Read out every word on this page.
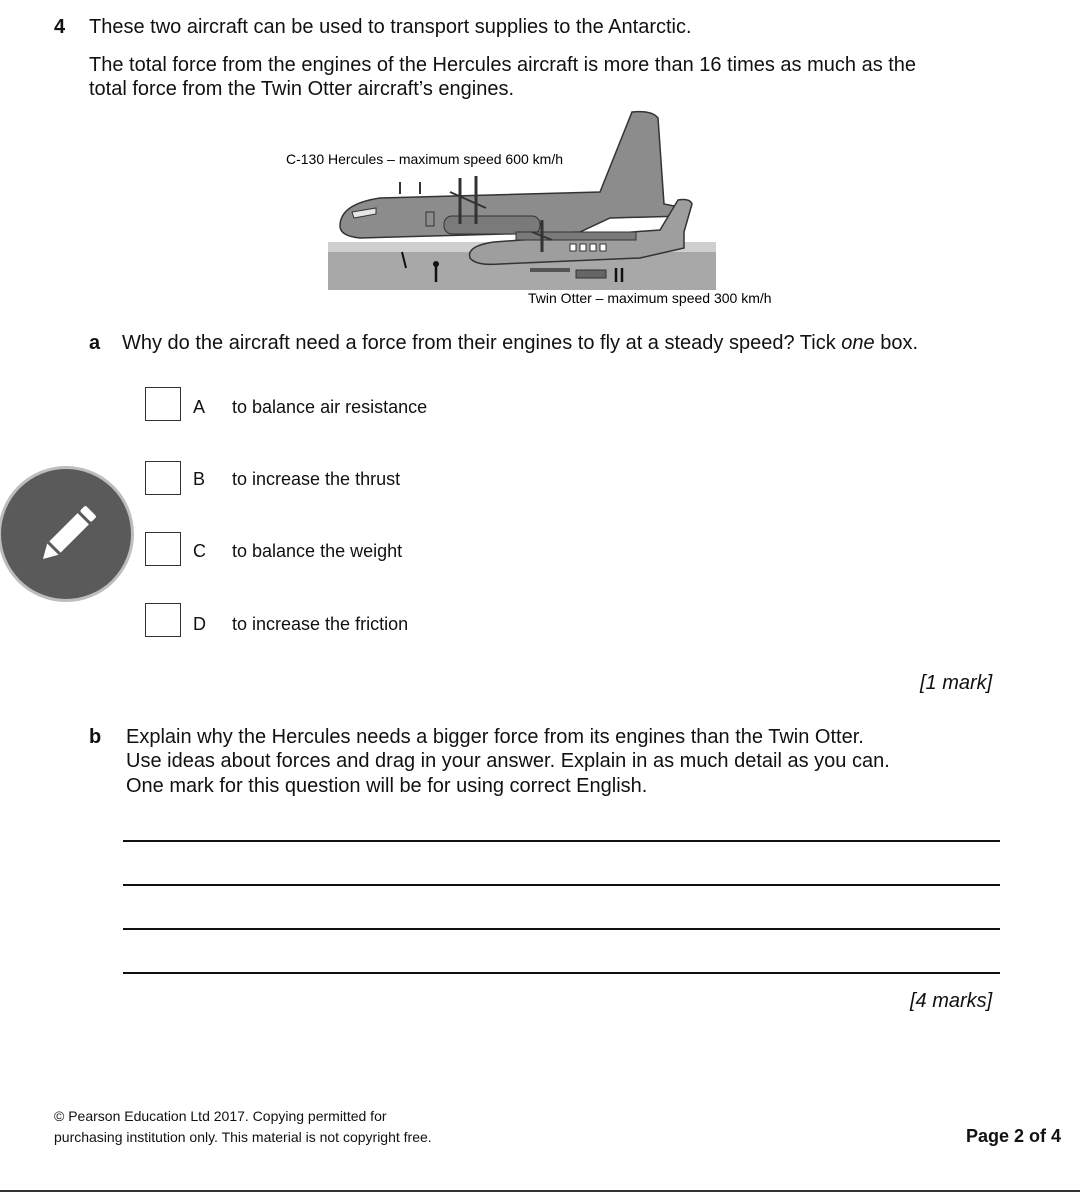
4 These two aircraft can be used to transport supplies to the Antarctic.
The total force from the engines of the Hercules aircraft is more than 16 times as much as the
total force from the Twin Otter aircraft’s engines.
C-130 Hercules – maximum speed 600 km/h
Twin Otter – maximum speed 300 km/h
a Why do the aircraft need a force from their engines to fly at a steady speed? Tick one box.
A to balance air resistance
B to increase the thrust
C to balance the weight
D to increase the friction
[1 mark]
b Explain why the Hercules needs a bigger force from its engines than the Twin Otter.
Use ideas about forces and drag in your answer. Explain in as much detail as you can.
One mark for this question will be for using correct English.
[4 marks]
© Pearson Education Ltd 2017. Copying permitted for
purchasing institution only. This material is not copyright free.	Page 2 of 4
